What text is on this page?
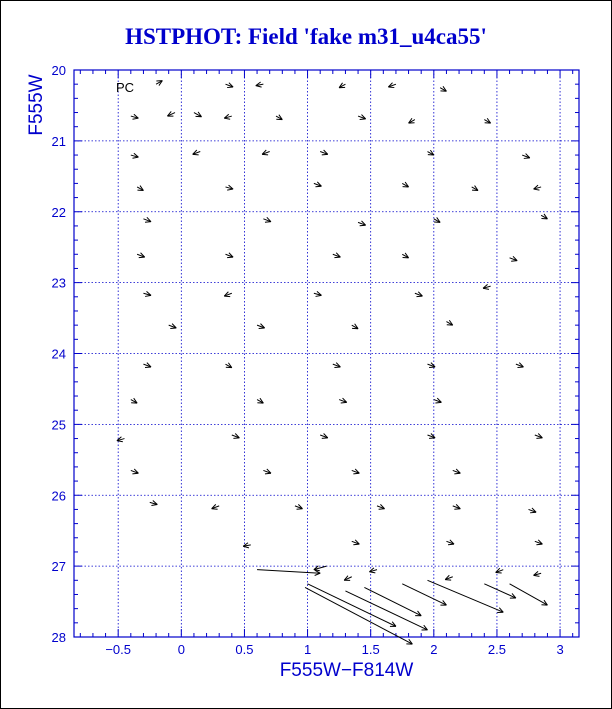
HSTPHOT: Field 'fake m31_u4ca55'
−0.5	0	0.5	1	1.5	2	2.5	3
20
21
22
23
24
25
26
27
28
PC
F555W−F814W
F555W
